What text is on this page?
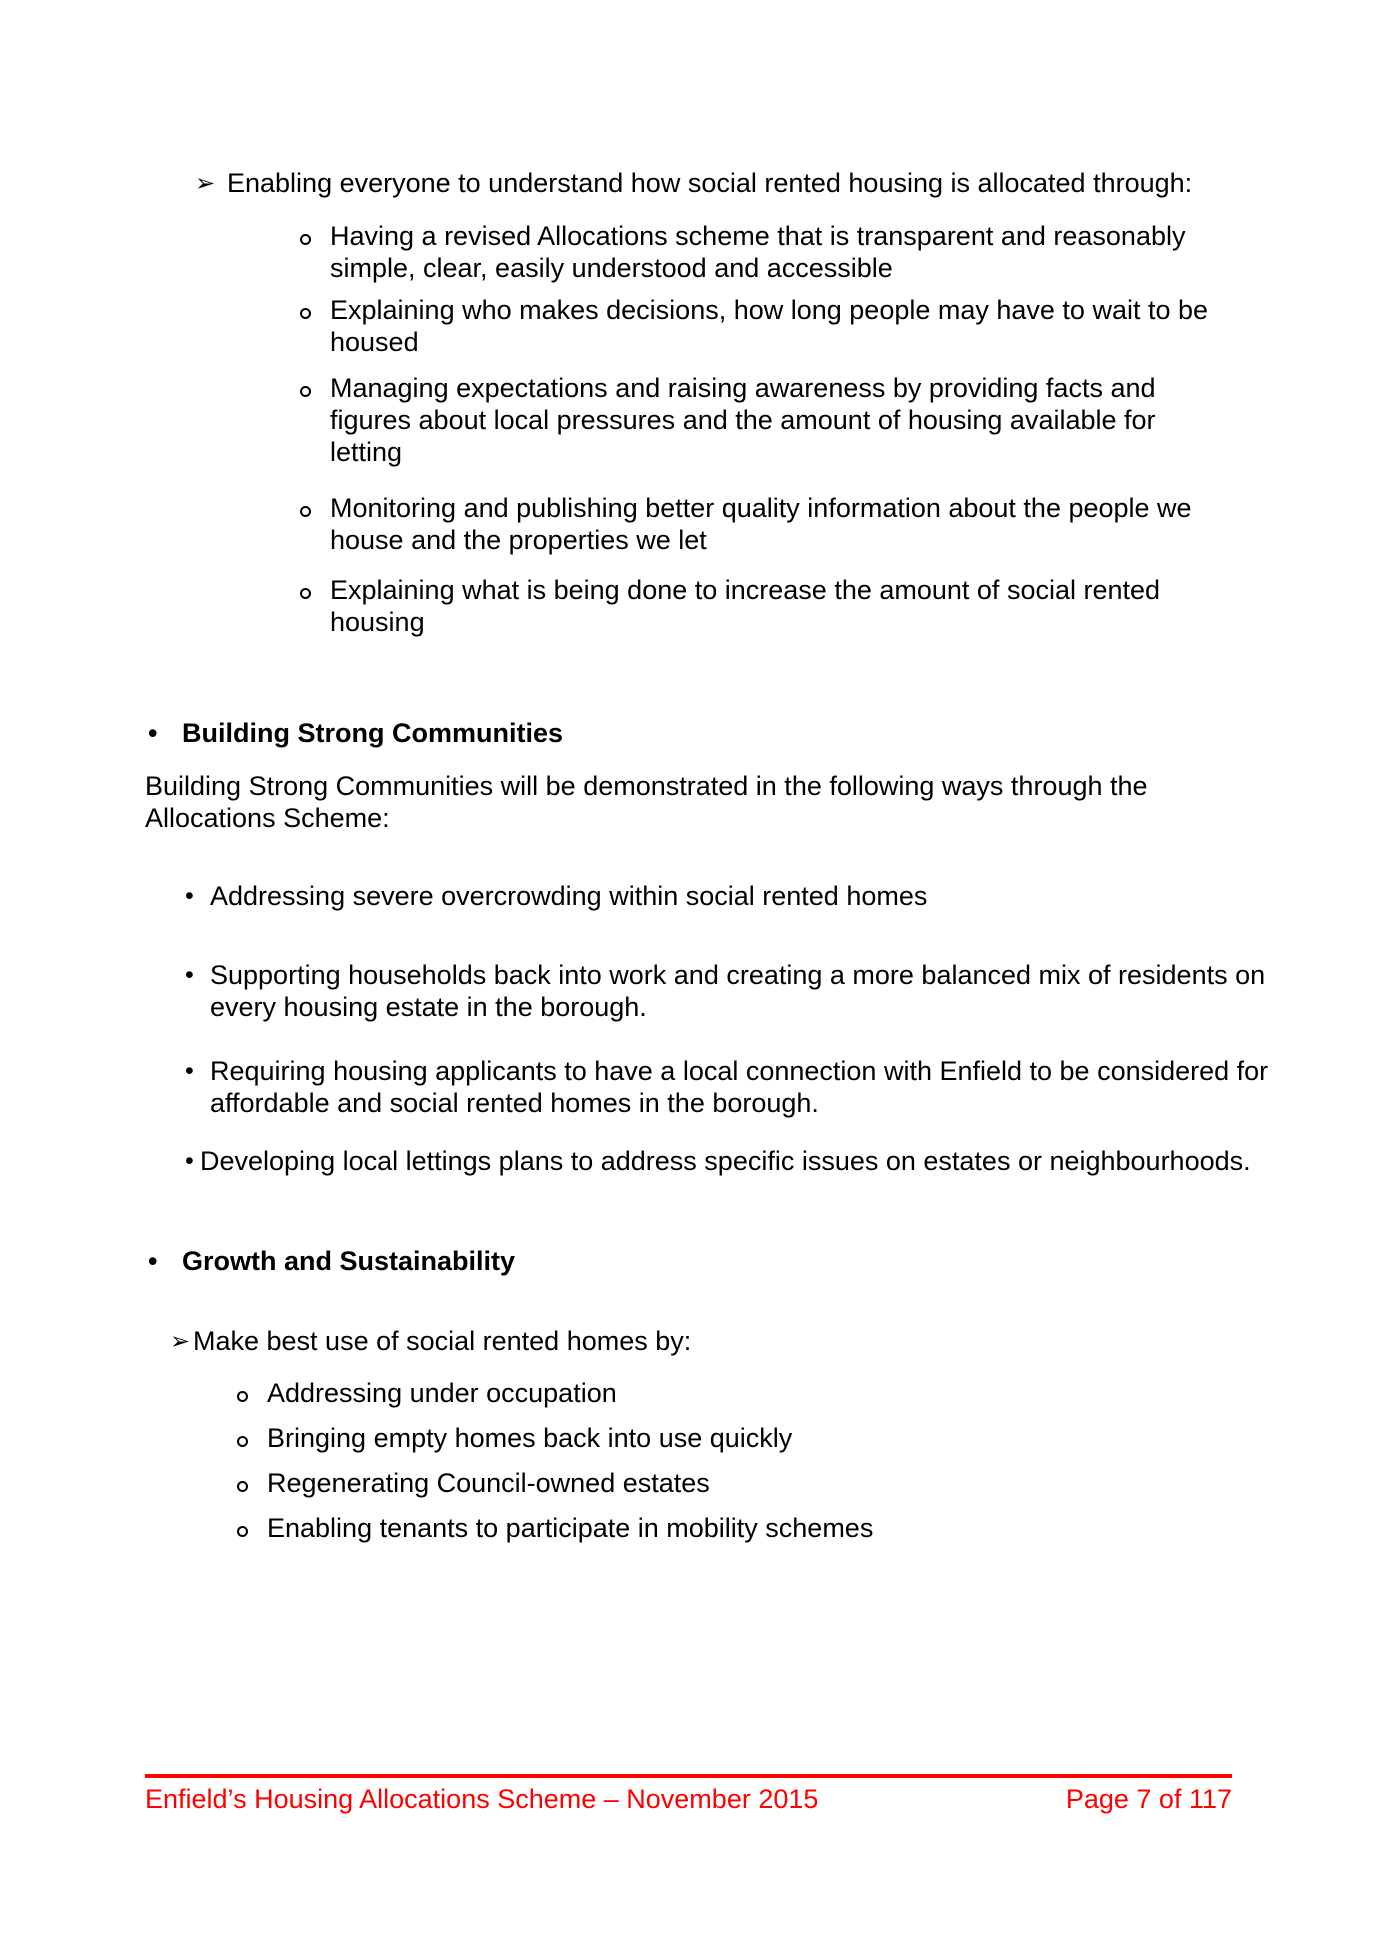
➢ Enabling everyone to understand how social rented housing is allocated through:
Having a revised Allocations scheme that is transparent and reasonably simple, clear, easily understood and accessible
Explaining who makes decisions, how long people may have to wait to be housed
Managing expectations and raising awareness by providing facts and figures about local pressures and the amount of housing available for letting
Monitoring and publishing better quality information about the people we house and the properties we let
Explaining what is being done to increase the amount of social rented housing
• Building Strong Communities
Building Strong Communities will be demonstrated in the following ways through the Allocations Scheme:
• Addressing severe overcrowding within social rented homes
• Supporting households back into work and creating a more balanced mix of residents on every housing estate in the borough.
• Requiring housing applicants to have a local connection with Enfield to be considered for affordable and social rented homes in the borough.
• Developing local lettings plans to address specific issues on estates or neighbourhoods.
• Growth and Sustainability
➢ Make best use of social rented homes by:
Addressing under occupation
Bringing empty homes back into use quickly
Regenerating Council-owned estates
Enabling tenants to participate in mobility schemes
Enfield’s Housing Allocations Scheme – November 2015	Page 7 of 117
